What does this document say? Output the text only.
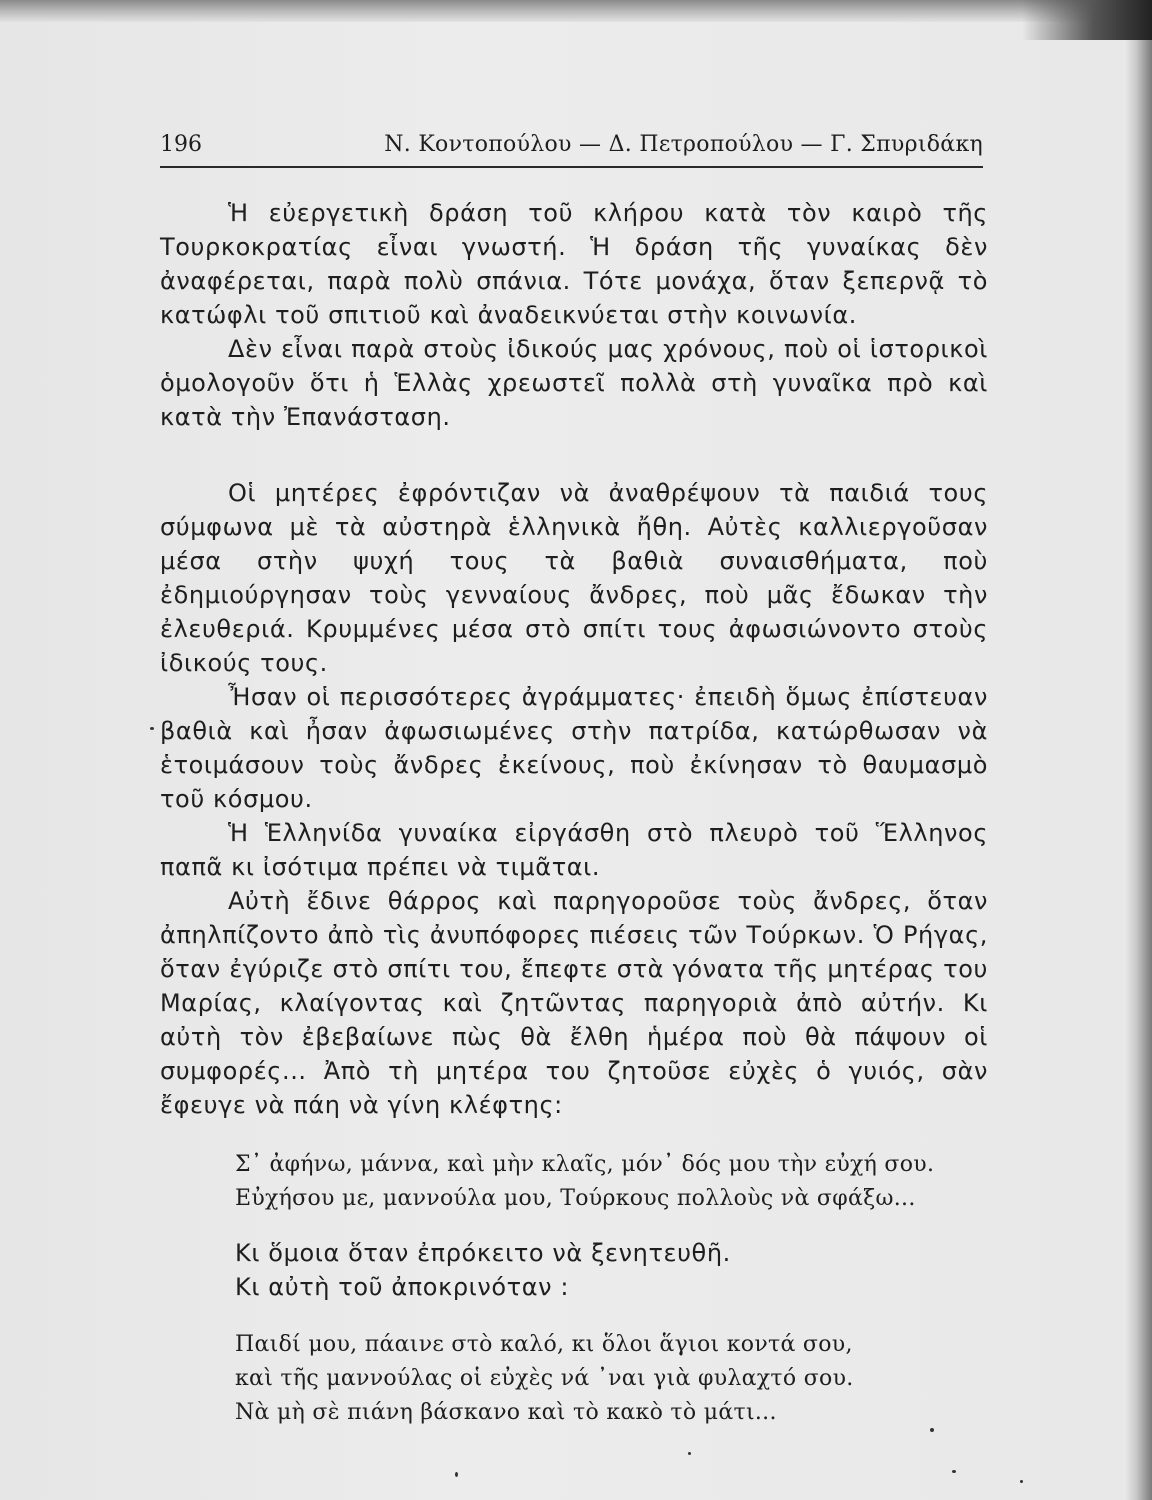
196	Ν. Κοντοπούλου — Δ. Πετροπούλου — Γ. Σπυριδάκη

Ἡ εὐεργετικὴ δράση τοῦ κλήρου κατὰ τὸν καιρὸ τῆς Τουρκοκρατίας εἶναι γνωστή. Ἡ δράση τῆς γυναίκας δὲν ἀναφέρεται, παρὰ πολὺ σπάνια. Τότε μονάχα, ὅταν ξεπερνᾷ τὸ κατώφλι τοῦ σπιτιοῦ καὶ ἀναδεικνύεται στὴν κοινωνία.

Δὲν εἶναι παρὰ στοὺς ἰδικούς μας χρόνους, ποὺ οἱ ἱστορικοὶ ὁμολογοῦν ὅτι ἡ Ἑλλὰς χρεωστεῖ πολλὰ στὴ γυναῖκα πρὸ καὶ κατὰ τὴν Ἐπανάσταση.

Οἱ μητέρες ἐφρόντιζαν νὰ ἀναθρέψουν τὰ παιδιά τους σύμφωνα μὲ τὰ αὐστηρὰ ἑλληνικὰ ἤθη. Αὐτὲς καλλιεργοῦσαν μέσα στὴν ψυχή τους τὰ βαθιὰ συναισθήματα, ποὺ ἐδημιούργησαν τοὺς γενναίους ἄνδρες, ποὺ μᾶς ἔδωκαν τὴν ἐλευθεριά. Κρυμμένες μέσα στὸ σπίτι τους ἀφωσιώνοντο στοὺς ἰδικούς τους.

Ἦσαν οἱ περισσότερες ἀγράμματες· ἐπειδὴ ὅμως ἐπίστευαν βαθιὰ καὶ ἦσαν ἀφωσιωμένες στὴν πατρίδα, κατώρθωσαν νὰ ἑτοιμάσουν τοὺς ἄνδρες ἐκείνους, ποὺ ἐκίνησαν τὸ θαυμασμὸ τοῦ κόσμου.

Ἡ Ἑλληνίδα γυναίκα εἰργάσθη στὸ πλευρὸ τοῦ Ἕλληνος παπᾶ κι ἰσότιμα πρέπει νὰ τιμᾶται.

Αὐτὴ ἔδινε θάρρος καὶ παρηγοροῦσε τοὺς ἄνδρες, ὅταν ἀπηλπίζοντο ἀπὸ τὶς ἀνυπόφορες πιέσεις τῶν Τούρκων. Ὁ Ρήγας, ὅταν ἐγύριζε στὸ σπίτι του, ἔπεφτε στὰ γόνατα τῆς μητέρας του Μαρίας, κλαίγοντας καὶ ζητῶντας παρηγοριὰ ἀπὸ αὐτήν. Κι αὐτὴ τὸν ἐβεβαίωνε πὼς θὰ ἔλθη ἡμέρα ποὺ θὰ πάψουν οἱ συμφορές... Ἀπὸ τὴ μητέρα του ζητοῦσε εὐχὲς ὁ γυιός, σὰν ἔφευγε νὰ πάη νὰ γίνη κλέφτης:

Σ᾽ ἀφήνω, μάννα, καὶ μὴν κλαῖς, μόν᾽ δός μου τὴν εὐχή σου.
Εὐχήσου με, μαννούλα μου, Τούρκους πολλοὺς νὰ σφάξω...
Κι ὅμοια ὅταν ἐπρόκειτο νὰ ξενητευθῆ.
Κι αὐτὴ τοῦ ἀποκρινόταν :
Παιδί μου, πάαινε στὸ καλό, κι ὅλοι ἅγιοι κοντά σου,
καὶ τῆς μαννούλας οἱ εὐχὲς νά ᾽ναι γιὰ φυλαχτό σου.
Νὰ μὴ σὲ πιάνη βάσκανο καὶ τὸ κακὸ τὸ μάτι...
